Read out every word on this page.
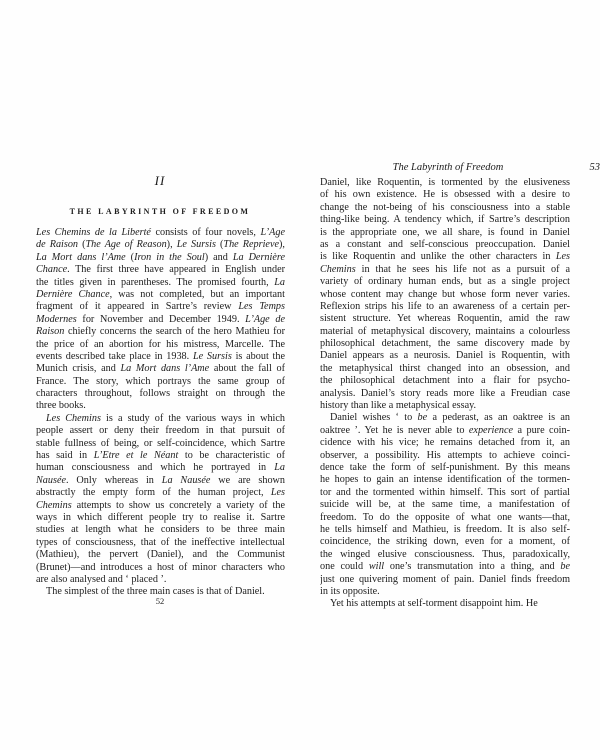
II
THE LABYRINTH OF FREEDOM
Les Chemins de la Liberté consists of four novels, L’Age
de Raison (The Age of Reason), Le Sursis (The Reprieve),
La Mort dans l’Ame (Iron in the Soul) and La Dernière
Chance. The first three have appeared in English under
the titles given in parentheses. The promised fourth, La
Dernière Chance, was not completed, but an important
fragment of it appeared in Sartre’s review Les Temps
Modernes for November and December 1949. L’Age de
Raison chiefly concerns the search of the hero Mathieu for
the price of an abortion for his mistress, Marcelle. The
events described take place in 1938. Le Sursis is about the
Munich crisis, and La Mort dans l’Ame about the fall of
France. The story, which portrays the same group of
characters throughout, follows straight on through the
three books.
Les Chemins is a study of the various ways in which
people assert or deny their freedom in that pursuit of
stable fullness of being, or self-coincidence, which Sartre
has said in L’Etre et le Néant to be characteristic of
human consciousness and which he portrayed in La
Nausée. Only whereas in La Nausée we are shown
abstractly the empty form of the human project, Les
Chemins attempts to show us concretely a variety of the
ways in which different people try to realise it. Sartre
studies at length what he considers to be three main
types of consciousness, that of the ineffective intellectual
(Mathieu), the pervert (Daniel), and the Communist
(Brunet)—and introduces a host of minor characters who
are also analysed and ‘ placed ’.
The simplest of the three main cases is that of Daniel.
52
The Labyrinth of Freedom	53
Daniel, like Roquentin, is tormented by the elusiveness
of his own existence. He is obsessed with a desire to
change the not-being of his consciousness into a stable
thing-like being. A tendency which, if Sartre’s description
is the appropriate one, we all share, is found in Daniel
as a constant and self-conscious preoccupation. Daniel
is like Roquentin and unlike the other characters in Les
Chemins in that he sees his life not as a pursuit of a
variety of ordinary human ends, but as a single project
whose content may change but whose form never varies.
Reflexion strips his life to an awareness of a certain per-
sistent structure. Yet whereas Roquentin, amid the raw
material of metaphysical discovery, maintains a colourless
philosophical detachment, the same discovery made by
Daniel appears as a neurosis. Daniel is Roquentin, with
the metaphysical thirst changed into an obsession, and
the philosophical detachment into a flair for psycho-
analysis. Daniel’s story reads more like a Freudian case
history than like a metaphysical essay.
Daniel wishes ‘ to be a pederast, as an oaktree is an
oaktree ’. Yet he is never able to experience a pure coin-
cidence with his vice; he remains detached from it, an
observer, a possibility. His attempts to achieve coinci-
dence take the form of self-punishment. By this means
he hopes to gain an intense identification of the tormen-
tor and the tormented within himself. This sort of partial
suicide will be, at the same time, a manifestation of
freedom. To do the opposite of what one wants—that,
he tells himself and Mathieu, is freedom. It is also self-
coincidence, the striking down, even for a moment, of
the winged elusive consciousness. Thus, paradoxically,
one could will one’s transmutation into a thing, and be
just one quivering moment of pain. Daniel finds freedom
in its opposite.
Yet his attempts at self-torment disappoint him. He
